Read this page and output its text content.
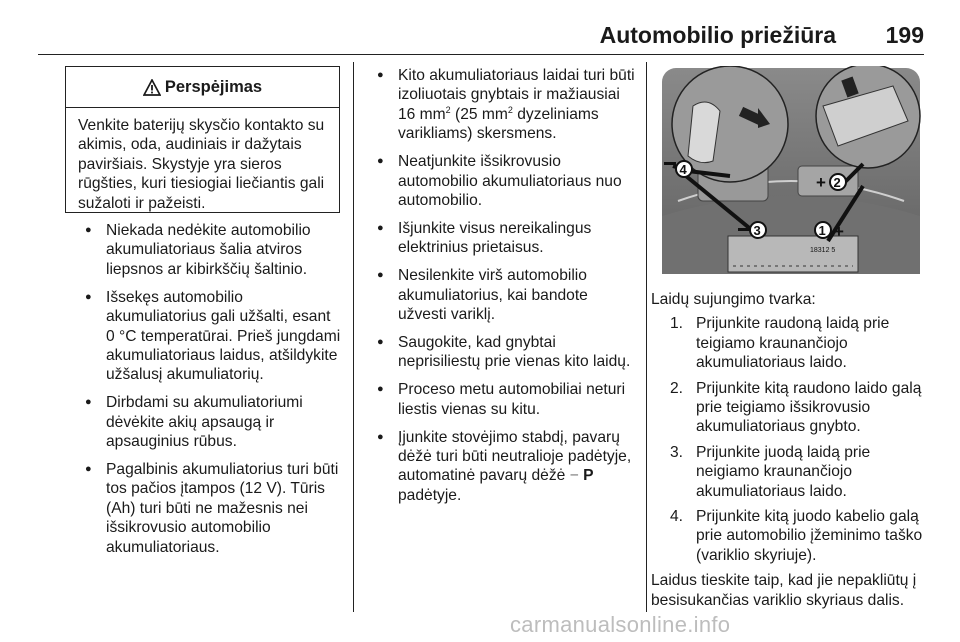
Automobilio priežiūra 199
Perspėjimas
Venkite baterijų skysčio kontakto su akimis, oda, audiniais ir dažytais paviršiais. Skystyje yra sieros rūgšties, kuri tiesiogiai liečiantis gali sužaloti ir pažeisti.
● Niekada nedėkite automobilio akumuliatoriaus šalia atviros liepsnos ar kibirkščių šaltinio.
● Išsekęs automobilio akumuliatorius gali užšalti, esant 0 °C temperatūrai. Prieš jungdami akumuliatoriaus laidus, atšildykite užšalusį akumuliatorių.
● Dirbdami su akumuliatoriumi dėvėkite akių apsaugą ir apsauginius rūbus.
● Pagalbinis akumuliatorius turi būti tos pačios įtampos (12 V). Tūris (Ah) turi būti ne mažesnis nei išsikrovusio automobilio akumuliatoriaus.
● Kito akumuliatoriaus laidai turi būti izoliuotais gnybtais ir mažiausiai 16 $mm^2$ (25 $mm^2$ dyzeliniams varikliams) skersmens.
● Neatjunkite išsikrovusio automobilio akumuliatoriaus nuo automobilio.
● Išjunkite visus nereikalingus elektrinius prietaisus.
● Nesilenkite virš automobilio akumuliatorius, kai bandote užvesti variklį.
● Saugokite, kad gnybtai neprisiliestų prie vienas kito laidų.
● Proceso metu automobiliai neturi liestis vienas su kitu.
● Įjunkite stovėjimo stabdį, pavarų dėžė turi būti neutralioje padėtyje, automatinė pavarų dėžė − P padėtyje.
18312 5
4
+ 2
3	1 +
Laidų sujungimo tvarka:
1. Prijunkite raudoną laidą prie teigiamo kraunančiojo akumuliatoriaus laido.
2. Prijunkite kitą raudono laido galą prie teigiamo išsikrovusio akumuliatoriaus gnybto.
3. Prijunkite juodą laidą prie neigiamo kraunančiojo akumuliatoriaus laido.
4. Prijunkite kitą juodo kabelio galą prie automobilio įžeminimo taško (variklio skyriuje).
Laidus tieskite taip, kad jie nepakliūtų į besisukančias variklio skyriaus dalis.
carmanualsonline.info
